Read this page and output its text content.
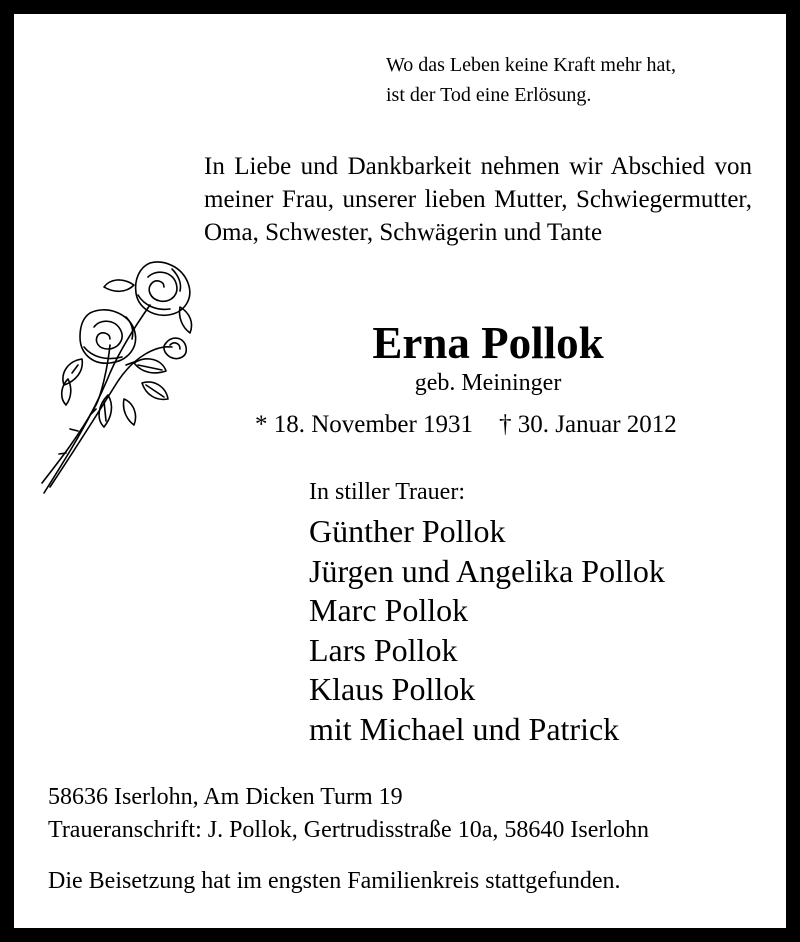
Wo das Leben keine Kraft mehr hat,
ist der Tod eine Erlösung.
In Liebe und Dankbarkeit nehmen wir Abschied von meiner Frau, unserer lieben Mutter, Schwiegermutter, Oma, Schwester, Schwägerin und Tante
Erna Pollok
geb. Meininger
* 18. November 1931 † 30. Januar 2012
In stiller Trauer:
Günther Pollok
Jürgen und Angelika Pollok
Marc Pollok
Lars Pollok
Klaus Pollok
mit Michael und Patrick
58636 Iserlohn, Am Dicken Turm 19
Traueranschrift: J. Pollok, Gertrudisstraße 10a, 58640 Iserlohn
Die Beisetzung hat im engsten Familienkreis stattgefunden.
